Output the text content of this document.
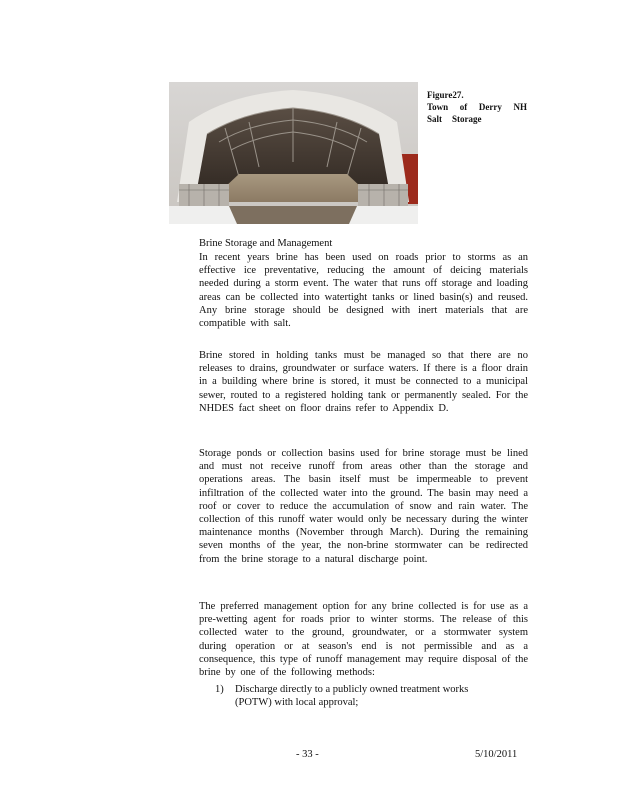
Figure27.
Town of Derry NH
Salt Storage
Brine Storage and Management
In recent years brine has been used on roads prior to storms as an effective ice preventative, reducing the amount of deicing materials needed during a storm event. The water that runs off storage and loading areas can be collected into watertight tanks or lined basin(s) and reused. Any brine storage should be designed with inert materials that are compatible with salt.
Brine stored in holding tanks must be managed so that there are no releases to drains, groundwater or surface waters. If there is a floor drain in a building where brine is stored, it must be connected to a municipal sewer, routed to a registered holding tank or permanently sealed. For the NHDES fact sheet on floor drains refer to Appendix D.
Storage ponds or collection basins used for brine storage must be lined and must not receive runoff from areas other than the storage and operations areas. The basin itself must be impermeable to prevent infiltration of the collected water into the ground. The basin may need a roof or cover to reduce the accumulation of snow and rain water. The collection of this runoff water would only be necessary during the winter maintenance months (November through March). During the remaining seven months of the year, the non-brine stormwater can be redirected from the brine storage to a natural discharge point.
The preferred management option for any brine collected is for use as a pre-wetting agent for roads prior to winter storms. The release of this collected water to the ground, groundwater, or a stormwater system during operation or at season's end is not permissible and as a consequence, this type of runoff management may require disposal of the brine by one of the following methods:
1) Discharge directly to a publicly owned treatment works
(POTW) with local approval;
- 33 -	5/10/2011
